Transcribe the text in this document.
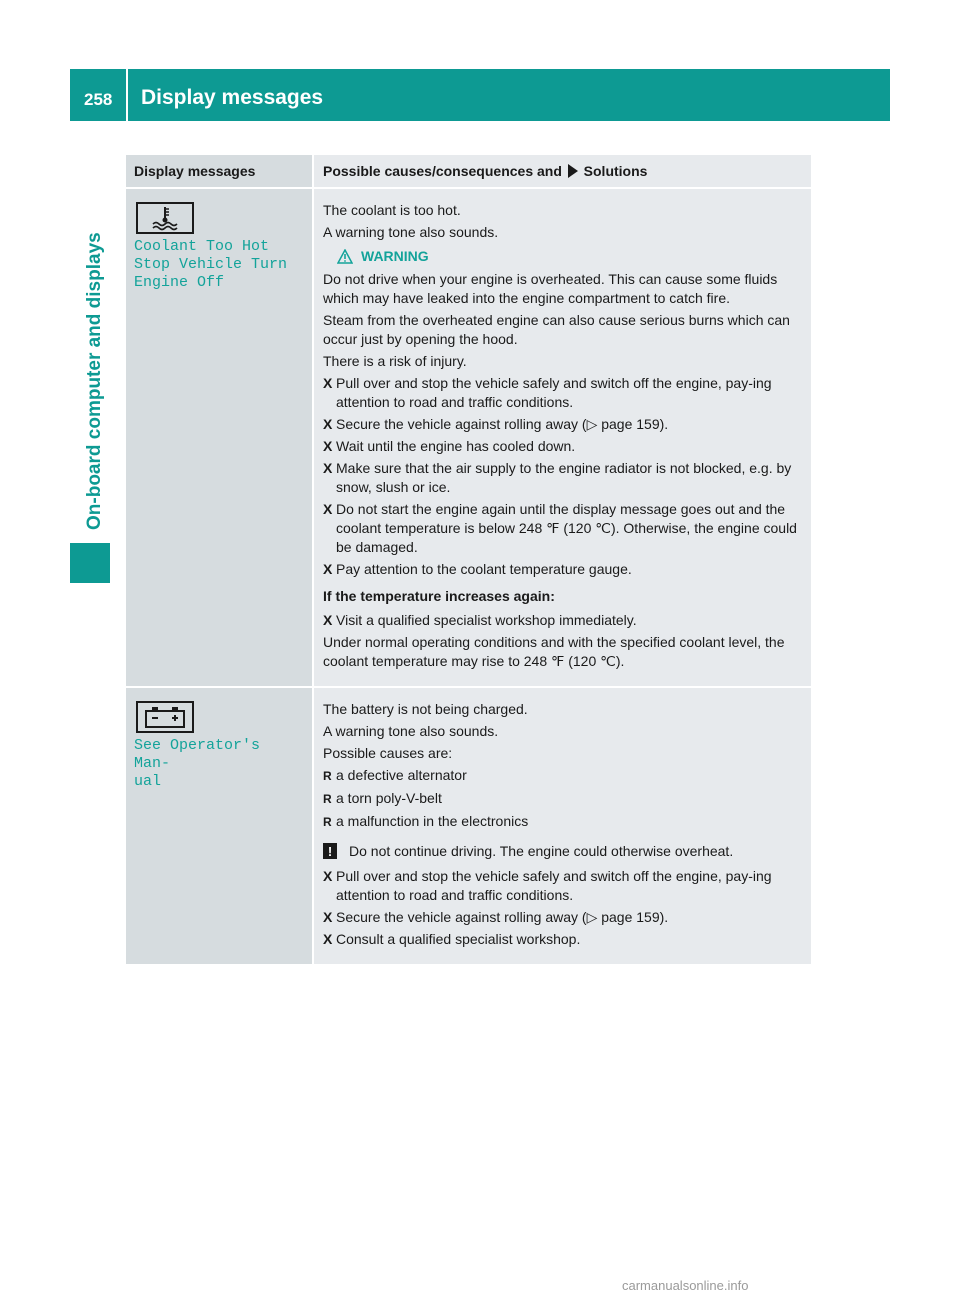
258 Display messages
On-board computer and displays
Display messages	Possible causes/consequences and Solutions
Coolant Too Hot
Stop Vehicle Turn
Engine Off
The coolant is too hot.
A warning tone also sounds.
WARNING
Do not drive when your engine is overheated. This can cause some fluids which may have leaked into the engine compartment to catch fire.
Steam from the overheated engine can also cause serious burns which can occur just by opening the hood.
There is a risk of injury.
X Pull over and stop the vehicle safely and switch off the engine, pay-ing attention to road and traffic conditions.
X Secure the vehicle against rolling away (▷ page 159).
X Wait until the engine has cooled down.
X Make sure that the air supply to the engine radiator is not blocked, e.g. by snow, slush or ice.
X Do not start the engine again until the display message goes out and the coolant temperature is below 248 ℉ (120 ℃). Otherwise, the engine could be damaged.
X Pay attention to the coolant temperature gauge.
If the temperature increases again:
X Visit a qualified specialist workshop immediately.
Under normal operating conditions and with the specified coolant level, the coolant temperature may rise to 248 ℉ (120 ℃).
See Operator's Man‐
ual
The battery is not being charged.
A warning tone also sounds.
Possible causes are:
R a defective alternator
R a torn poly-V-belt
R a malfunction in the electronics
!	Do not continue driving. The engine could otherwise overheat.
X Pull over and stop the vehicle safely and switch off the engine, pay-ing attention to road and traffic conditions.
X Secure the vehicle against rolling away (▷ page 159).
X Consult a qualified specialist workshop.
carmanualsonline.info
